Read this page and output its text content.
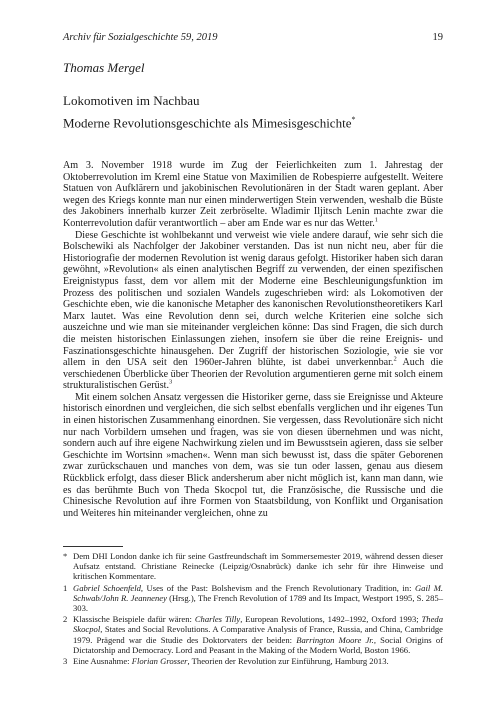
Archiv für Sozialgeschichte 59, 2019	19
Thomas Mergel
Lokomotiven im Nachbau
Moderne Revolutionsgeschichte als Mimesisgeschichte*

Am 3. November 1918 wurde im Zug der Feierlichkeiten zum 1. Jahrestag der Oktoberrevolution im Kreml eine Statue von Maximilien de Robespierre aufgestellt. Weitere Statuen von Aufklärern und jakobinischen Revolutionären in der Stadt waren geplant. Aber wegen des Kriegs konnte man nur einen minderwertigen Stein verwenden, weshalb die Büste des Jakobiners innerhalb kurzer Zeit zerbröselte. Wladimir Iljitsch Lenin machte zwar die Konterrevolution dafür verantwortlich – aber am Ende war es nur das Wetter.$^1$

Diese Geschichte ist wohlbekannt und verweist wie viele andere darauf, wie sehr sich die Bolschewiki als Nachfolger der Jakobiner verstanden. Das ist nun nicht neu, aber für die Historiografie der modernen Revolution ist wenig daraus gefolgt. Historiker haben sich daran gewöhnt, »Revolution« als einen analytischen Begriff zu verwenden, der einen spezifischen Ereignistypus fasst, dem vor allem mit der Moderne eine Beschleunigungsfunktion im Prozess des politischen und sozialen Wandels zugeschrieben wird: als Lokomotiven der Geschichte eben, wie die kanonische Metapher des kanonischen Revolutionstheoretikers Karl Marx lautet. Was eine Revolution denn sei, durch welche Kriterien eine solche sich auszeichne und wie man sie miteinander vergleichen könne: Das sind Fragen, die sich durch die meisten historischen Einlassungen ziehen, insofern sie über die reine Ereignis- und Faszinationsgeschichte hinausgehen. Der Zugriff der historischen Soziologie, wie sie vor allem in den USA seit den 1960er-Jahren blühte, ist dabei unverkennbar.$^2$ Auch die verschiedenen Überblicke über Theorien der Revolution argumentieren gerne mit solch einem strukturalistischen Gerüst.$^3$

Mit einem solchen Ansatz vergessen die Historiker gerne, dass sie Ereignisse und Akteure historisch einordnen und vergleichen, die sich selbst ebenfalls verglichen und ihr eigenes Tun in einen historischen Zusammenhang einordnen. Sie vergessen, dass Revolutionäre sich nicht nur nach Vorbildern umsehen und fragen, was sie von diesen übernehmen und was nicht, sondern auch auf ihre eigene Nachwirkung zielen und im Bewusstsein agieren, dass sie selber Geschichte im Wortsinn »machen«. Wenn man sich bewusst ist, dass die später Geborenen zwar zurückschauen und manches von dem, was sie tun oder lassen, genau aus diesem Rückblick erfolgt, dass dieser Blick andersherum aber nicht möglich ist, kann man dann, wie es das berühmte Buch von Theda Skocpol tut, die Französische, die Russische und die Chinesische Revolution auf ihre Formen von Staatsbildung, von Konflikt und Organisation und Weiteres hin miteinander vergleichen, ohne zu

* Dem DHI London danke ich für seine Gastfreundschaft im Sommersemester 2019, während dessen dieser Aufsatz entstand. Christiane Reinecke (Leipzig/Osnabrück) danke ich sehr für ihre Hinweise und kritischen Kommentare.
1 Gabriel Schoenfeld, Uses of the Past: Bolshevism and the French Revolutionary Tradition, in: Gail M. Schwab/John R. Jeanneney (Hrsg.), The French Revolution of 1789 and Its Impact, Westport 1995, S. 285–303.
2 Klassische Beispiele dafür wären: Charles Tilly, European Revolutions, 1492–1992, Oxford 1993; Theda Skocpol, States and Social Revolutions. A Comparative Analysis of France, Russia, and China, Cambridge 1979. Prägend war die Studie des Doktorvaters der beiden: Barrington Moore Jr., Social Origins of Dictatorship and Democracy. Lord and Peasant in the Making of the Modern World, Boston 1966.
3 Eine Ausnahme: Florian Grosser, Theorien der Revolution zur Einführung, Hamburg 2013.
